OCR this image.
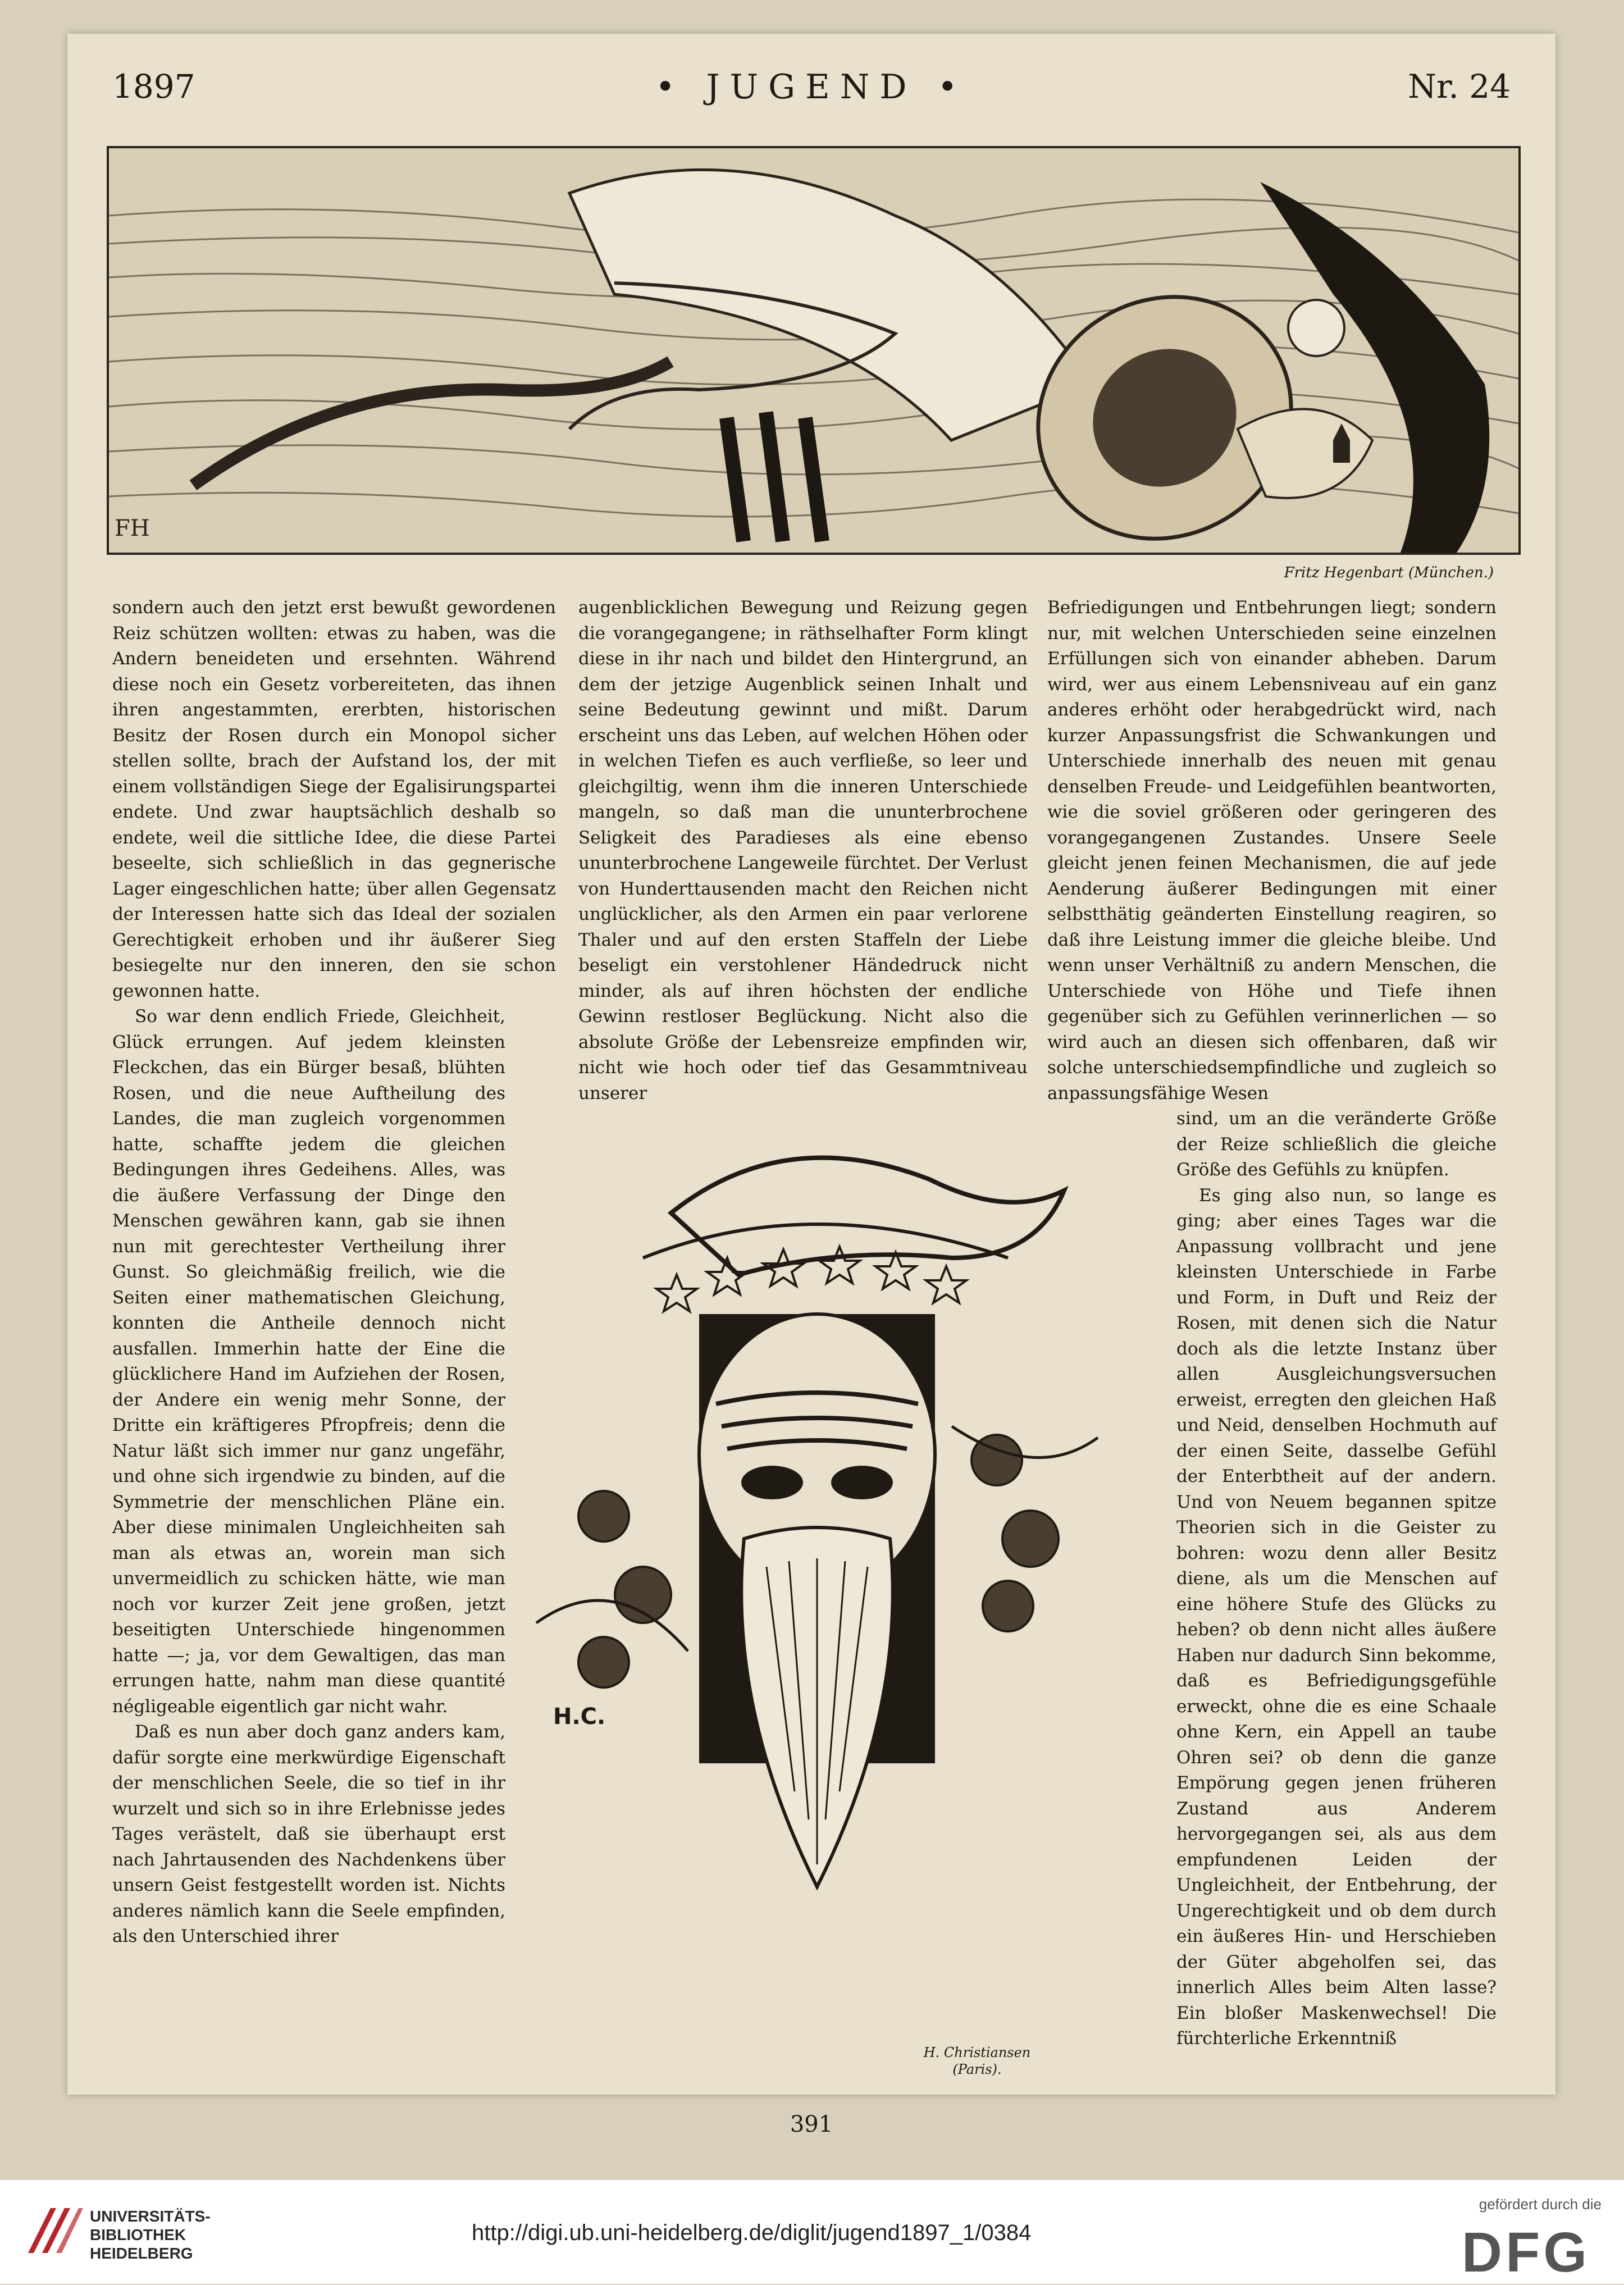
1897	• JUGEND •	Nr. 24
FH
Fritz Hegenbart (München.)

sondern auch den jetzt erst bewußt gewordenen Reiz schützen wollten: etwas zu haben, was die Andern beneideten und ersehnten. Während diese noch ein Gesetz vorbereiteten, das ihnen ihren angestammten, ererbten, historischen Besitz der Rosen durch ein Monopol sicher stellen sollte, brach der Aufstand los, der mit einem vollständigen Siege der Egalisirungspartei endete. Und zwar hauptsächlich deshalb so endete, weil die sittliche Idee, die diese Partei beseelte, sich schließlich in das gegnerische Lager eingeschlichen hatte; über allen Gegensatz der Interessen hatte sich das Ideal der sozialen Gerechtigkeit erhoben und ihr äußerer Sieg besiegelte nur den inneren, den sie schon gewonnen hatte.

So war denn endlich Friede, Gleichheit, Glück errungen. Auf jedem kleinsten Fleckchen, das ein Bürger besaß, blühten Rosen, und die neue Auftheilung des Landes, die man zugleich vorgenommen hatte, schaffte jedem die gleichen Bedingungen ihres Gedeihens. Alles, was die äußere Verfassung der Dinge den Menschen gewähren kann, gab sie ihnen nun mit gerechtester Vertheilung ihrer Gunst. So gleichmäßig freilich, wie die Seiten einer mathematischen Gleichung, konnten die Antheile dennoch nicht ausfallen. Immerhin hatte der Eine die glücklichere Hand im Aufziehen der Rosen, der Andere ein wenig mehr Sonne, der Dritte ein kräftigeres Pfropfreis; denn die Natur läßt sich immer nur ganz ungefähr, und ohne sich irgendwie zu binden, auf die Symmetrie der menschlichen Pläne ein. Aber diese minimalen Ungleichheiten sah man als etwas an, worein man sich unvermeidlich zu schicken hätte, wie man noch vor kurzer Zeit jene großen, jetzt beseitigten Unterschiede hingenommen hatte —; ja, vor dem Gewaltigen, das man errungen hatte, nahm man diese quantité négligeable eigentlich gar nicht wahr.

Daß es nun aber doch ganz anders kam, dafür sorgte eine merkwürdige Eigenschaft der menschlichen Seele, die so tief in ihr wurzelt und sich so in ihre Erlebnisse jedes Tages verästelt, daß sie überhaupt erst nach Jahrtausenden des Nachdenkens über unsern Geist festgestellt worden ist. Nichts anderes nämlich kann die Seele empfinden, als den Unterschied ihrer

augenblicklichen Bewegung und Reizung gegen die vorangegangene; in räthselhafter Form klingt diese in ihr nach und bildet den Hintergrund, an dem der jetzige Augenblick seinen Inhalt und seine Bedeutung gewinnt und mißt. Darum erscheint uns das Leben, auf welchen Höhen oder in welchen Tiefen es auch verfließe, so leer und gleichgiltig, wenn ihm die inneren Unterschiede mangeln, so daß man die ununterbrochene Seligkeit des Paradieses als eine ebenso ununterbrochene Langeweile fürchtet. Der Verlust von Hunderttausenden macht den Reichen nicht unglücklicher, als den Armen ein paar verlorene Thaler und auf den ersten Staffeln der Liebe beseligt ein verstohlener Händedruck nicht minder, als auf ihren höchsten der endliche Gewinn restloser Beglückung. Nicht also die absolute Größe der Lebensreize empfinden wir, nicht wie hoch oder tief das Gesammtniveau unserer

Befriedigungen und Entbehrungen liegt; sondern nur, mit welchen Unterschieden seine einzelnen Erfüllungen sich von einander abheben. Darum wird, wer aus einem Lebensniveau auf ein ganz anderes erhöht oder herabgedrückt wird, nach kurzer Anpassungsfrist die Schwankungen und Unterschiede innerhalb des neuen mit genau denselben Freude- und Leidgefühlen beantworten, wie die soviel größeren oder geringeren des vorangegangenen Zustandes. Unsere Seele gleicht jenen feinen Mechanismen, die auf jede Aenderung äußerer Bedingungen mit einer selbstthätig geänderten Einstellung reagiren, so daß ihre Leistung immer die gleiche bleibe. Und wenn unser Verhältniß zu andern Menschen, die Unterschiede von Höhe und Tiefe ihnen gegenüber sich zu Gefühlen verinnerlichen — so wird auch an diesen sich offenbaren, daß wir solche unterschiedsempfindliche und zugleich so anpassungsfähige Wesen

sind, um an die veränderte Größe der Reize schließlich die gleiche Größe des Gefühls zu knüpfen.

Es ging also nun, so lange es ging; aber eines Tages war die Anpassung vollbracht und jene kleinsten Unterschiede in Farbe und Form, in Duft und Reiz der Rosen, mit denen sich die Natur doch als die letzte Instanz über allen Ausgleichungsversuchen erweist, erregten den gleichen Haß und Neid, denselben Hochmuth auf der einen Seite, dasselbe Gefühl der Enterbtheit auf der andern. Und von Neuem begannen spitze Theorien sich in die Geister zu bohren: wozu denn aller Besitz diene, als um die Menschen auf eine höhere Stufe des Glücks zu heben? ob denn nicht alles äußere Haben nur dadurch Sinn bekomme, daß es Befriedigungsgefühle erweckt, ohne die es eine Schaale ohne Kern, ein Appell an taube Ohren sei? ob denn die ganze Empörung gegen jenen früheren Zustand aus Anderem hervorgegangen sei, als aus dem empfundenen Leiden der Ungleichheit, der Entbehrung, der Ungerechtigkeit und ob dem durch ein äußeres Hin- und Herschieben der Güter abgeholfen sei, das innerlich Alles beim Alten lasse? Ein bloßer Maskenwechsel! Die fürchterliche Erkenntniß

H.C.
H. Christiansen
(Paris).
391
UNIVERSITÄTS-
BIBLIOTHEK
HEIDELBERG
http://digi.ub.uni-heidelberg.de/diglit/jugend1897_1/0384
gefördert durch die
DFG
